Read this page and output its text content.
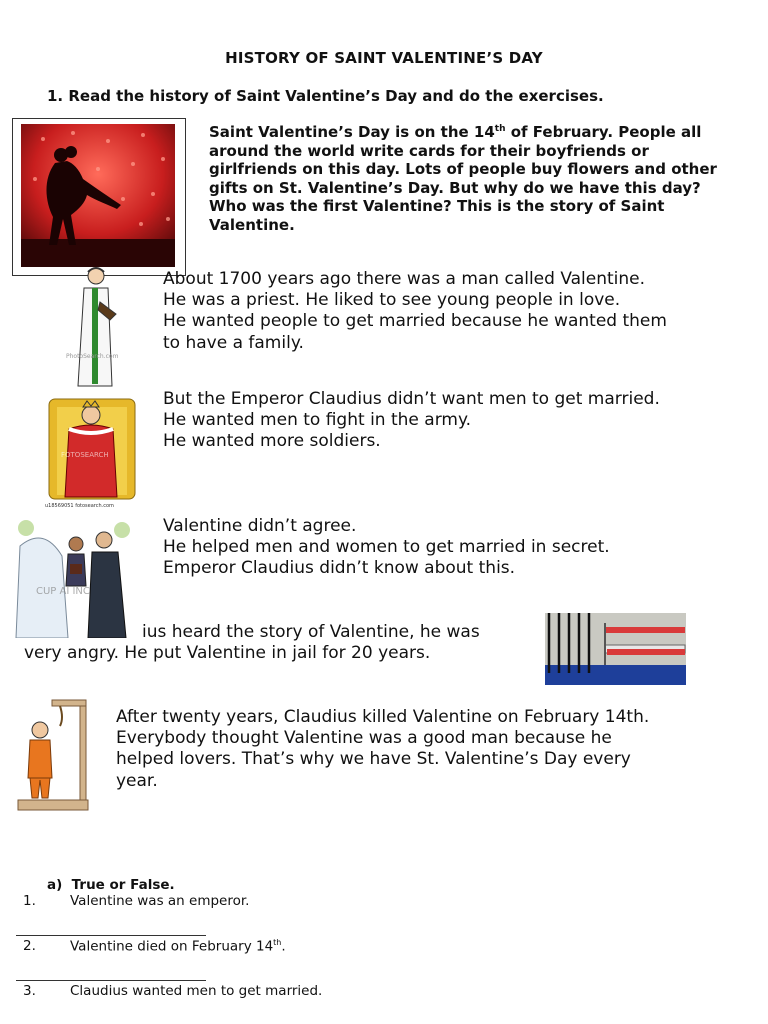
HISTORY OF SAINT VALENTINE’S DAY
1. Read the history of Saint Valentine’s Day and do the exercises.
Saint Valentine’s Day is on the 14th of February. People all around the world write cards for their boyfriends or girlfriends on this day. Lots of people buy flowers and other gifts on St. Valentine’s Day. But why do we have this day? Who was the first Valentine? This is the story of Saint Valentine.
PhotoSearch.com
About 1700 years ago there was a man called Valentine.
He was a priest. He liked to see young people in love.
He wanted people to get married because he wanted them
to have a family.
FOTOSEARCH
u18569051 fotosearch.com
But the Emperor Claudius didn’t want men to get married.
He wanted men to fight in the army.
He wanted more soldiers.
CUP AI INC
Valentine didn’t agree.
He helped men and women to get married in secret.
Emperor Claudius didn’t know about this.
ius heard the story of Valentine, he was
very angry. He put Valentine in jail for 20 years.
After twenty years, Claudius killed Valentine on February 14th.
Everybody thought Valentine was a good man because he
helped lovers. That’s why we have St. Valentine’s Day every
year.
a)  True or False.
1.	Valentine was an emperor.
2.	Valentine died on February 14th.
3.	Claudius wanted men to get married.
